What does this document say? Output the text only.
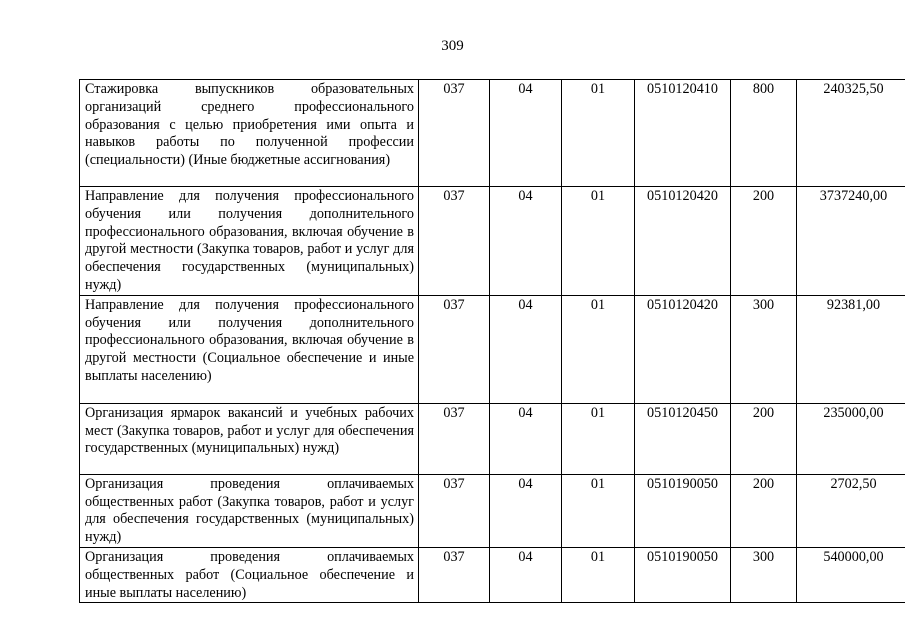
309
Стажировка выпускников образовательных организаций среднего профессионального образования с целью приобретения ими опыта и навыков работы по полученной профессии (специальности) (Иные бюджетные ассигнования)	037	04	01	0510120410	800	240325,50
Направление для получения профессионального обучения или получения дополнительного профессионального образования, включая обучение в другой местности (Закупка товаров, работ и услуг для обеспечения государственных (муниципальных) нужд)	037	04	01	0510120420	200	3737240,00
Направление для получения профессионального обучения или получения дополнительного профессионального образования, включая обучение в другой местности (Социальное обеспечение и иные выплаты населению)	037	04	01	0510120420	300	92381,00
Организация ярмарок вакансий и учебных рабочих мест (Закупка товаров, работ и услуг для обеспечения государственных (муниципальных) нужд)	037	04	01	0510120450	200	235000,00
Организация проведения оплачиваемых общественных работ (Закупка товаров, работ и услуг для обеспечения государственных (муниципальных) нужд)	037	04	01	0510190050	200	2702,50
Организация проведения оплачиваемых общественных работ (Социальное обеспечение и иные выплаты населению)	037	04	01	0510190050	300	540000,00
